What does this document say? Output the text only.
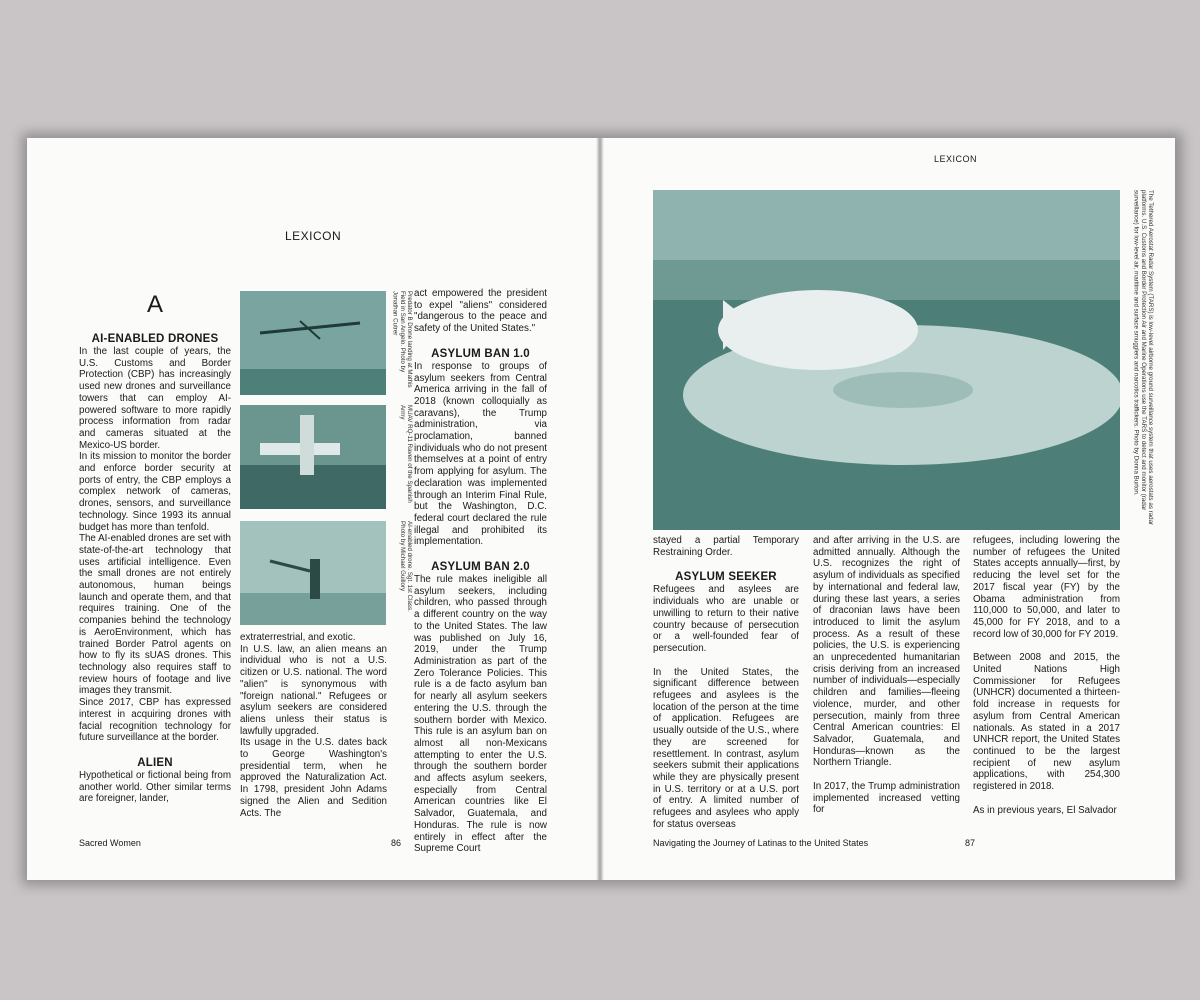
LEXICON
A
AI-ENABLED DRONES

In the last couple of years, the U.S. Customs and Border Protection (CBP) has increasingly used new drones and surveillance towers that can employ AI-powered software to more rapidly process information from radar and cameras situated at the Mexico-US border.

In its mission to monitor the border and enforce border security at ports of entry, the CBP employs a complex network of cameras, drones, sensors, and surveillance technology. Since 1993 its annual budget has more than tenfold.

The AI-enabled drones are set with state-of-the-art technology that uses artificial intelligence. Even the small drones are not entirely autonomous, human beings launch and operate them, and that requires training. One of the companies behind the technology is AeroEnvironment, which has trained Border Patrol agents on how to fly its sUAS drones. This technology also requires staff to review hours of footage and live images they transmit.

Since 2017, CBP has expressed interest in acquiring drones with facial recognition technology for future surveillance at the border.

ALIEN
Hypothetical or fictional being from another world. Other similar terms are foreigner, lander,
Predator B Drone landing at Mathis Field in San Angelo. Photo by Jonathan Cutrer
MUAV RQ-11 Raven of the Spanish Army
AI-enabled drone. Sgt. 1st Class. Photo by Michael Guillory

extraterrestrial, and exotic.

In U.S. law, an alien means an individual who is not a U.S. citizen or U.S. national. The word "alien" is synonymous with "foreign national." Refugees or asylum seekers are considered aliens unless their status is lawfully upgraded.

Its usage in the U.S. dates back to George Washington's presidential term, when he approved the Naturalization Act. In 1798, president John Adams signed the Alien and Sedition Acts. The

act empowered the president to expel "aliens" considered "dangerous to the peace and safety of the United States."
ASYLUM BAN 1.0
In response to groups of asylum seekers from Central America arriving in the fall of 2018 (known colloquially as caravans), the Trump administration, via proclamation, banned individuals who do not present themselves at a point of entry from applying for asylum. The declaration was implemented through an Interim Final Rule, but the Washington, D.C. federal court declared the rule illegal and prohibited its implementation.
ASYLUM BAN 2.0
The rule makes ineligible all asylum seekers, including children, who passed through a different country on the way to the United States. The law was published on July 16, 2019, under the Trump Administration as part of the Zero Tolerance Policies. This rule is a de facto asylum ban for nearly all asylum seekers entering the U.S. through the southern border with Mexico. This rule is an asylum ban on almost all non-Mexicans attempting to enter the U.S. through the southern border and affects asylum seekers, especially from Central American countries like El Salvador, Guatemala, and Honduras. The rule is now entirely in effect after the Supreme Court
Sacred Women	86
LEXICON
The Tethered Aerostat Radar System (TARS) is low-level airborne ground surveillance system that uses aerostats as radar platforms. U.S. Customs and Border Protection Air and Marine Operations use the TARS to detect and monitor (radar surveillance) for low-level air, maritime and surface smugglers and narcotics traffickers. Photo by Donna Burton.
stayed a partial Temporary Restraining Order.
ASYLUM SEEKER
Refugees and asylees are individuals who are unable or unwilling to return to their native country because of persecution or a well-founded fear of persecution.
In the United States, the significant difference between refugees and asylees is the location of the person at the time of application. Refugees are usually outside of the U.S., where they are screened for resettlement. In contrast, asylum seekers submit their applications while they are physically present in U.S. territory or at a U.S. port of entry. A limited number of refugees and asylees who apply for status overseas
and after arriving in the U.S. are admitted annually. Although the U.S. recognizes the right of asylum of individuals as specified by international and federal law, during these last years, a series of draconian laws have been introduced to limit the asylum process. As a result of these policies, the U.S. is experiencing an unprecedented humanitarian crisis deriving from an increased number of individuals—especially children and families—fleeing violence, murder, and other persecution, mainly from three Central American countries: El Salvador, Guatemala, and Honduras—known as the Northern Triangle.
In 2017, the Trump administration implemented increased vetting for
refugees, including lowering the number of refugees the United States accepts annually—first, by reducing the level set for the 2017 fiscal year (FY) by the Obama administration from 110,000 to 50,000, and later to 45,000 for FY 2018, and to a record low of 30,000 for FY 2019.
Between 2008 and 2015, the United Nations High Commissioner for Refugees (UNHCR) documented a thirteen-fold increase in requests for asylum from Central American nationals. As stated in a 2017 UNHCR report, the United States continued to be the largest recipient of new asylum applications, with 254,300 registered in 2018.
As in previous years, El Salvador
Navigating the Journey of Latinas to the United States	87
